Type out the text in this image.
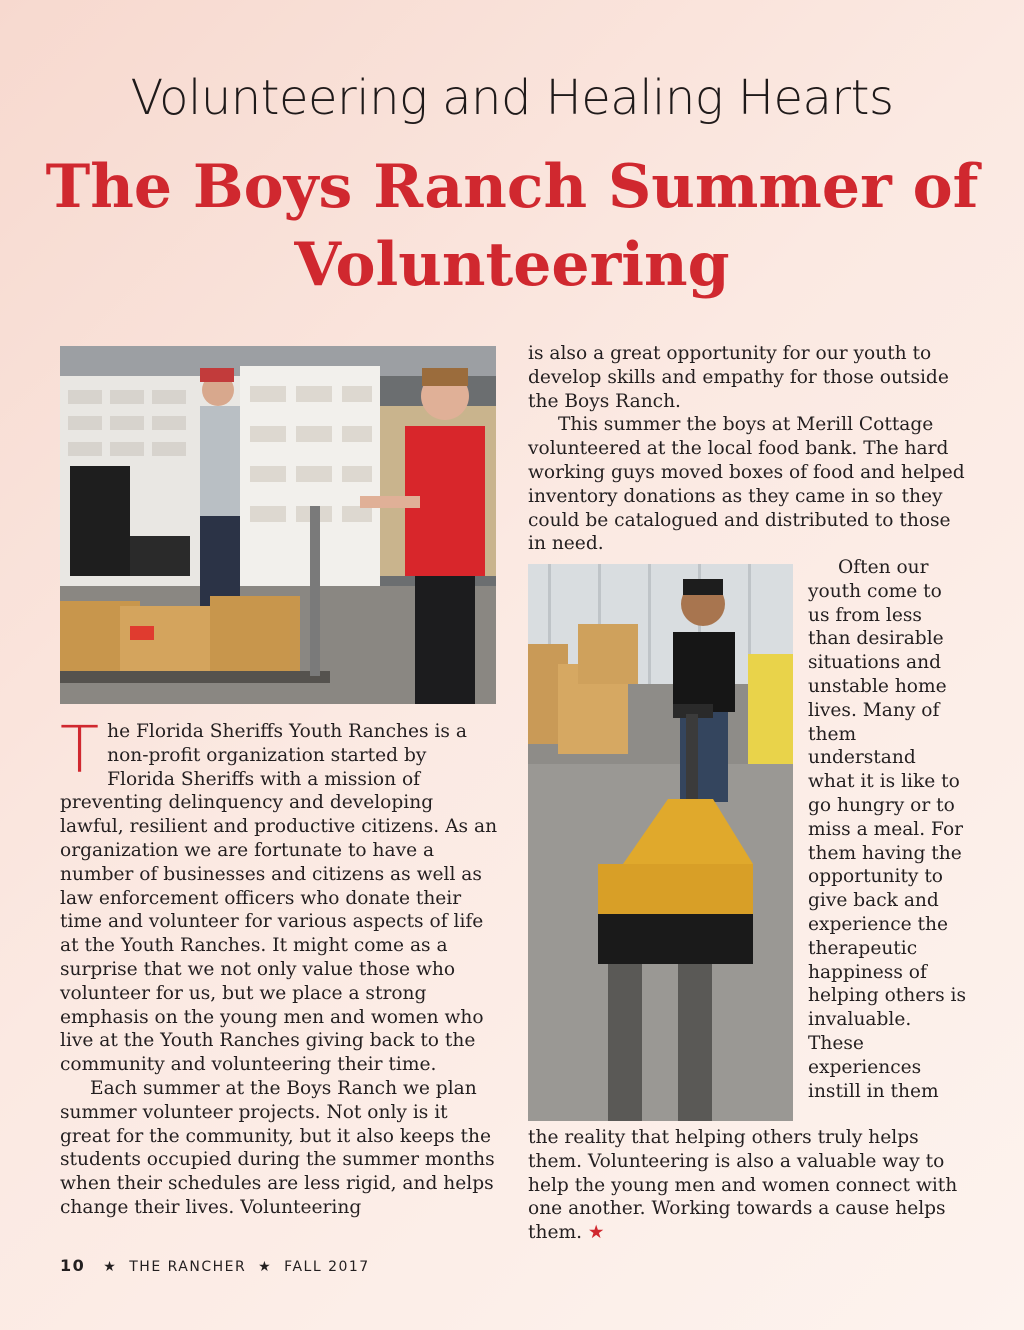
Volunteering and Healing Hearts
The Boys Ranch Summer of Volunteering

The Florida Sheriffs Youth Ranches is a non-profit organization started by Florida Sheriffs with a mission of preventing delinquency and developing lawful, resilient and productive citizens. As an organization we are fortunate to have a number of businesses and citizens as well as law enforcement officers who donate their time and volunteer for various aspects of life at the Youth Ranches. It might come as a surprise that we not only value those who volunteer for us, but we place a strong emphasis on the young men and women who live at the Youth Ranches giving back to the community and volunteering their time.

Each summer at the Boys Ranch we plan summer volunteer projects. Not only is it great for the community, but it also keeps the students occupied during the summer months when their schedules are less rigid, and helps change their lives. Volunteering

is also a great opportunity for our youth to develop skills and empathy for those outside the Boys Ranch.

This summer the boys at Merill Cottage volunteered at the local food bank. The hard working guys moved boxes of food and helped inventory donations as they came in so they could be catalogued and distributed to those in need.

Often our youth come to us from less than desirable situations and unstable home lives. Many of them understand what it is like to go hungry or to miss a meal. For them having the opportunity to give back and experience the therapeutic happiness of helping others is invaluable. These experiences instill in them

the reality that helping others truly helps them. Volunteering is also a valuable way to help the young men and women connect with one another. Working towards a cause helps them. ★

10 ★ THE RANCHER ★ FALL 2017
